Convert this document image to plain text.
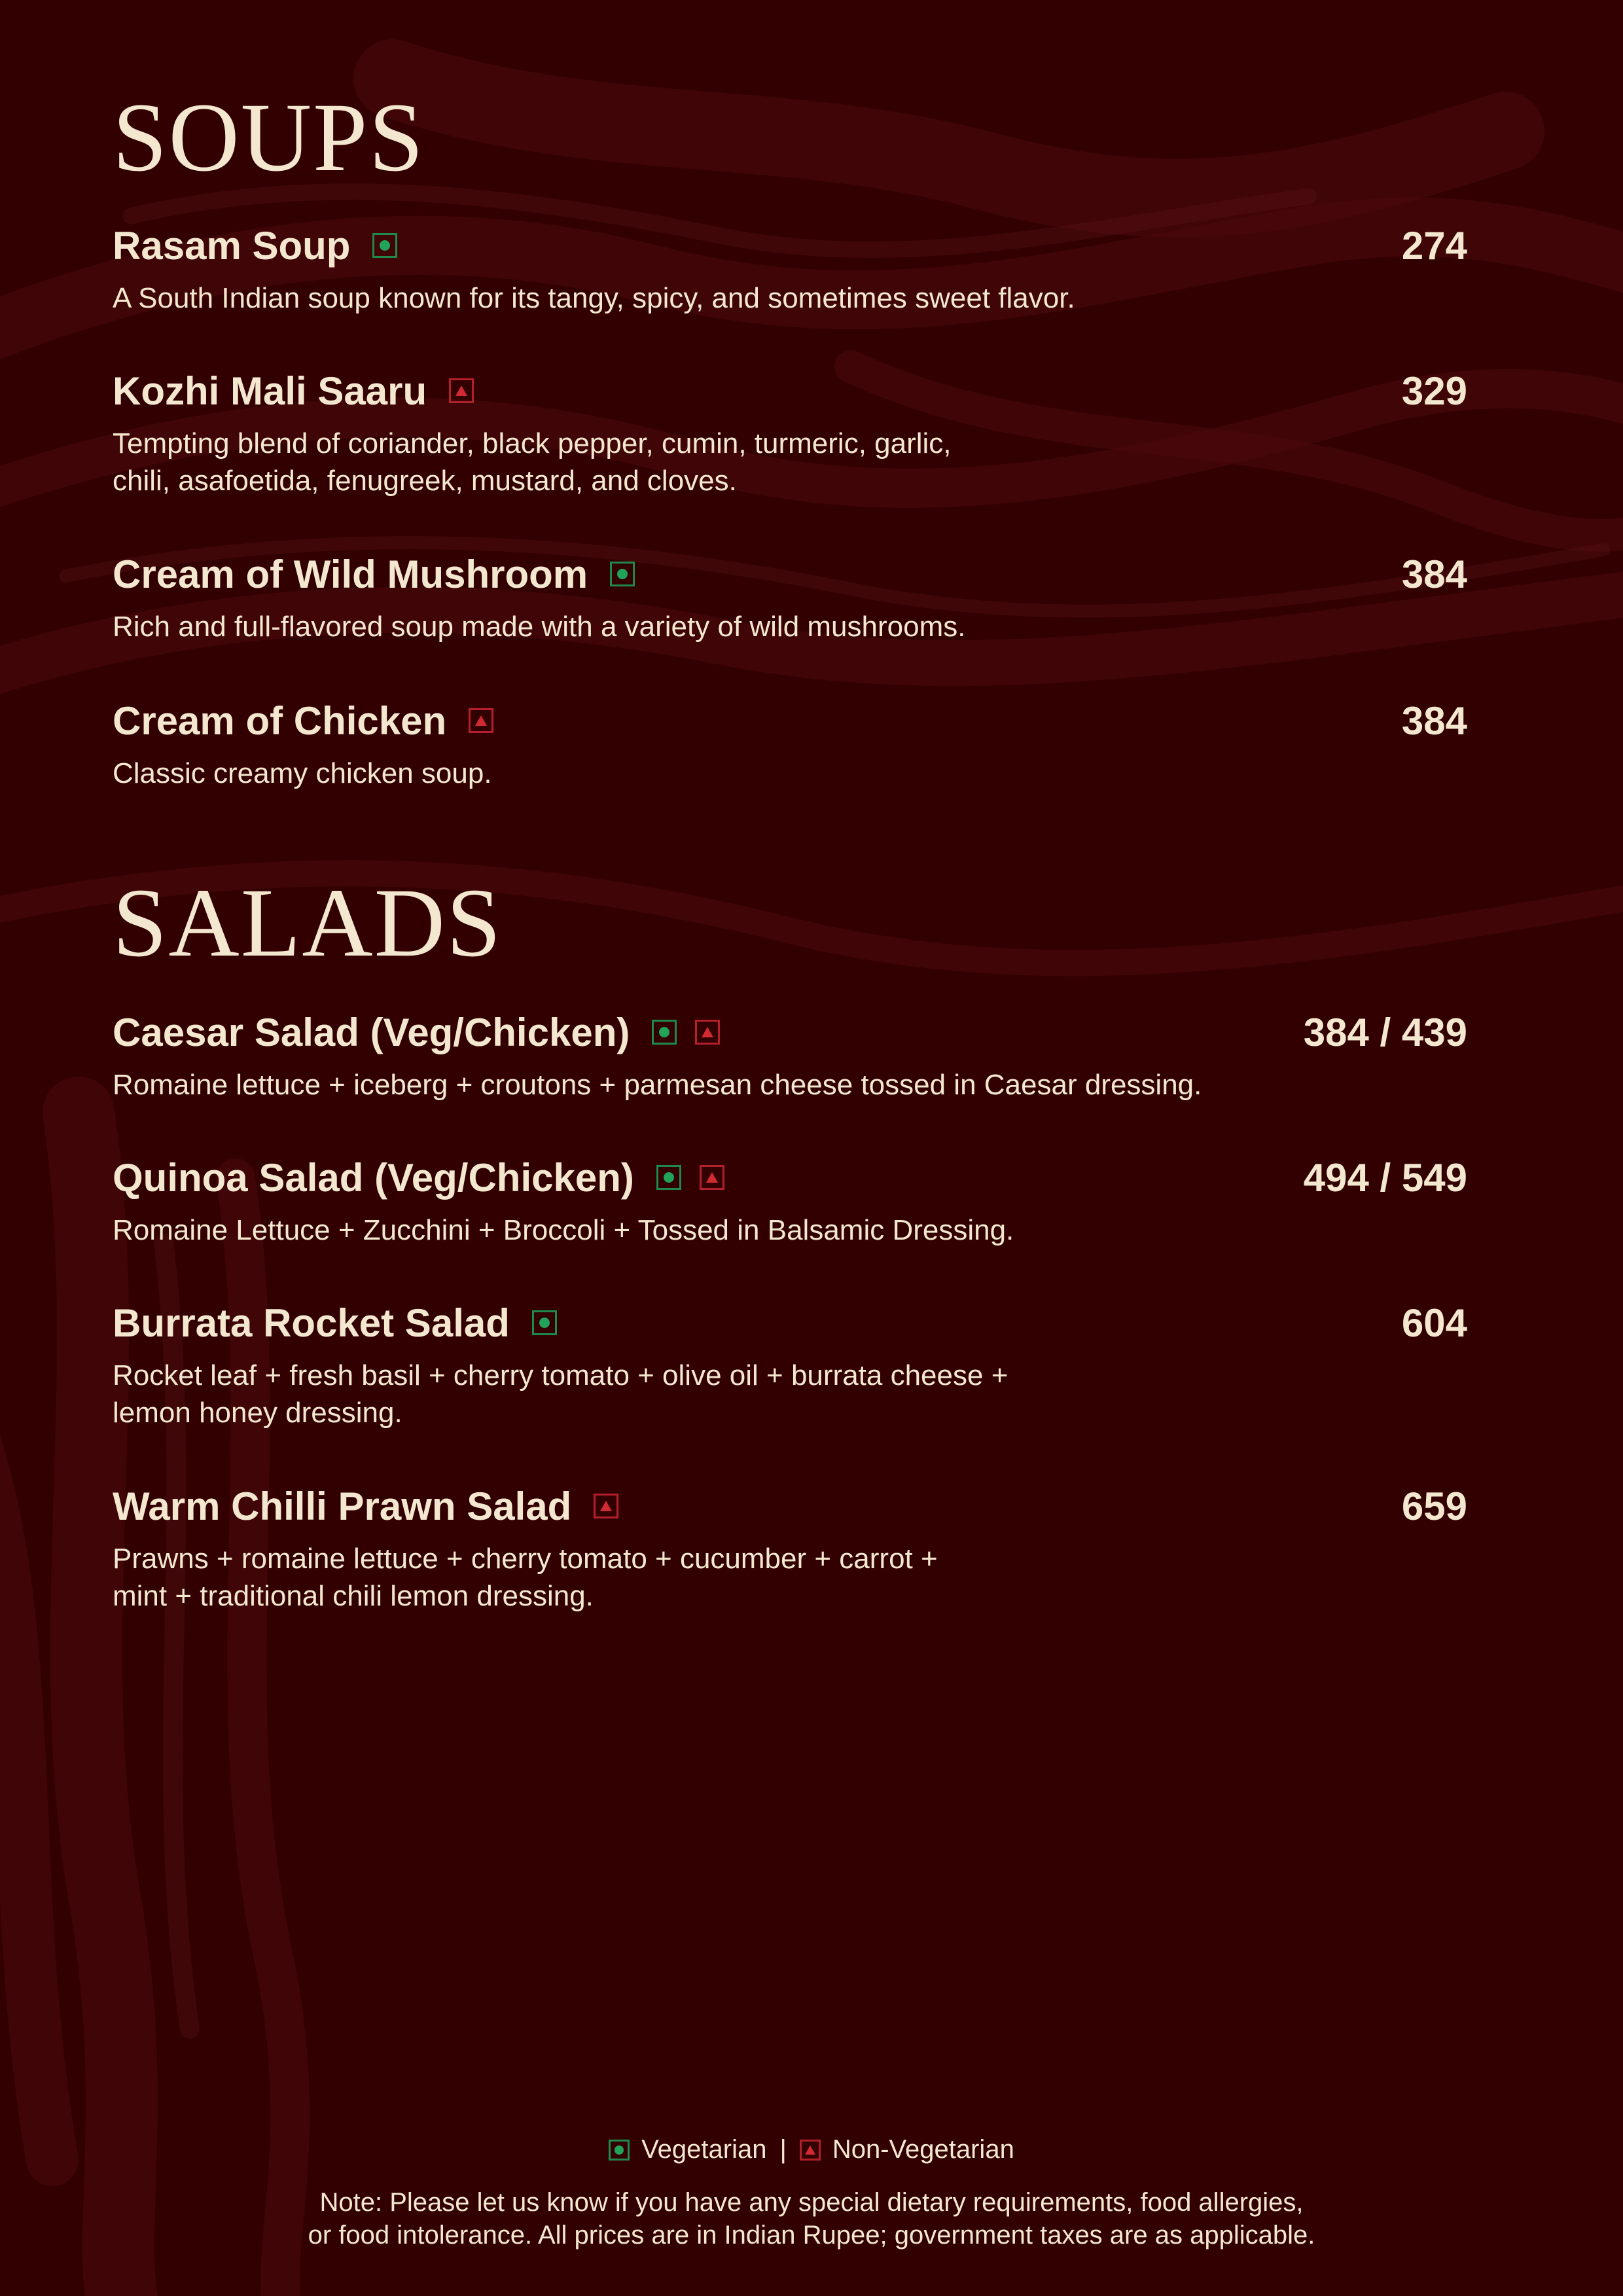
SOUPS
Rasam Soup	274
A South Indian soup known for its tangy, spicy, and sometimes sweet flavor.
Kozhi Mali Saaru	329
Tempting blend of coriander, black pepper, cumin, turmeric, garlic,
chili, asafoetida, fenugreek, mustard, and cloves.
Cream of Wild Mushroom	384
Rich and full-flavored soup made with a variety of wild mushrooms.
Cream of Chicken	384
Classic creamy chicken soup.
SALADS
Caesar Salad (Veg/Chicken)	384 / 439
Romaine lettuce + iceberg + croutons + parmesan cheese tossed in Caesar dressing.
Quinoa Salad (Veg/Chicken)	494 / 549
Romaine Lettuce + Zucchini + Broccoli + Tossed in Balsamic Dressing.
Burrata Rocket Salad	604
Rocket leaf + fresh basil + cherry tomato + olive oil + burrata cheese +
lemon honey dressing.
Warm Chilli Prawn Salad	659
Prawns + romaine lettuce + cherry tomato + cucumber + carrot +
mint + traditional chili lemon dressing.
Vegetarian | Non-Vegetarian
Note: Please let us know if you have any special dietary requirements, food allergies,
or food intolerance. All prices are in Indian Rupee; government taxes are as applicable.
